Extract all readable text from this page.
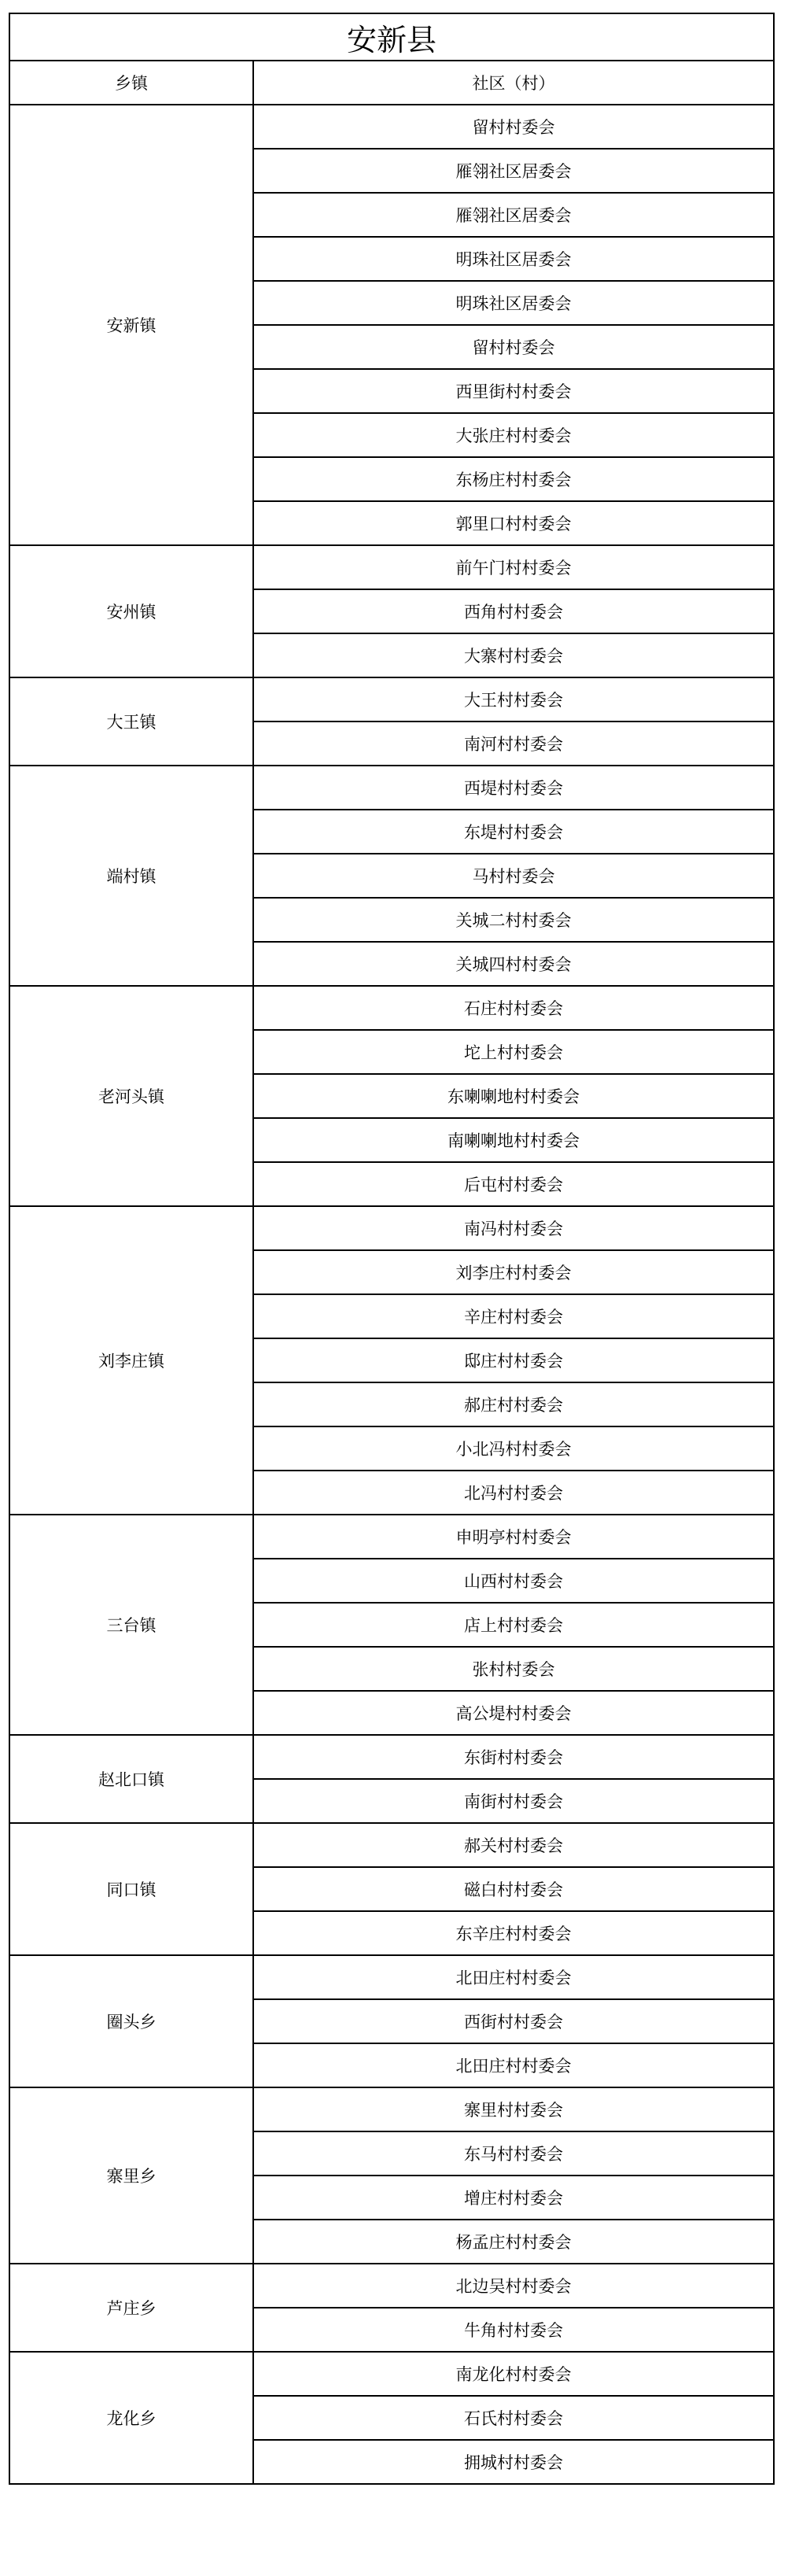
安新县	
乡镇	社区（村）
安新镇	留村村委会
	雁翎社区居委会
	雁翎社区居委会
	明珠社区居委会
	明珠社区居委会
	留村村委会
	西里街村村委会
	大张庄村村委会
	东杨庄村村委会
	郭里口村村委会
安州镇	前午门村村委会
	西角村村委会
	大寨村村委会
大王镇	大王村村委会
	南河村村委会
端村镇	西堤村村委会
	东堤村村委会
	马村村委会
	关城二村村委会
	关城四村村委会
老河头镇	石庄村村委会
	坨上村村委会
	东喇喇地村村委会
	南喇喇地村村委会
	后屯村村委会
刘李庄镇	南冯村村委会
	刘李庄村村委会
	辛庄村村委会
	邸庄村村委会
	郝庄村村委会
	小北冯村村委会
	北冯村村委会
三台镇	申明亭村村委会
	山西村村委会
	店上村村委会
	张村村委会
	高公堤村村委会
赵北口镇	东街村村委会
	南街村村委会
同口镇	郝关村村委会
	磁白村村委会
	东辛庄村村委会
圈头乡	北田庄村村委会
	西街村村委会
	北田庄村村委会
寨里乡	寨里村村委会
	东马村村委会
	增庄村村委会
	杨孟庄村村委会
芦庄乡	北边吴村村委会
	牛角村村委会
龙化乡	南龙化村村委会
	石氏村村委会
	拥城村村委会
